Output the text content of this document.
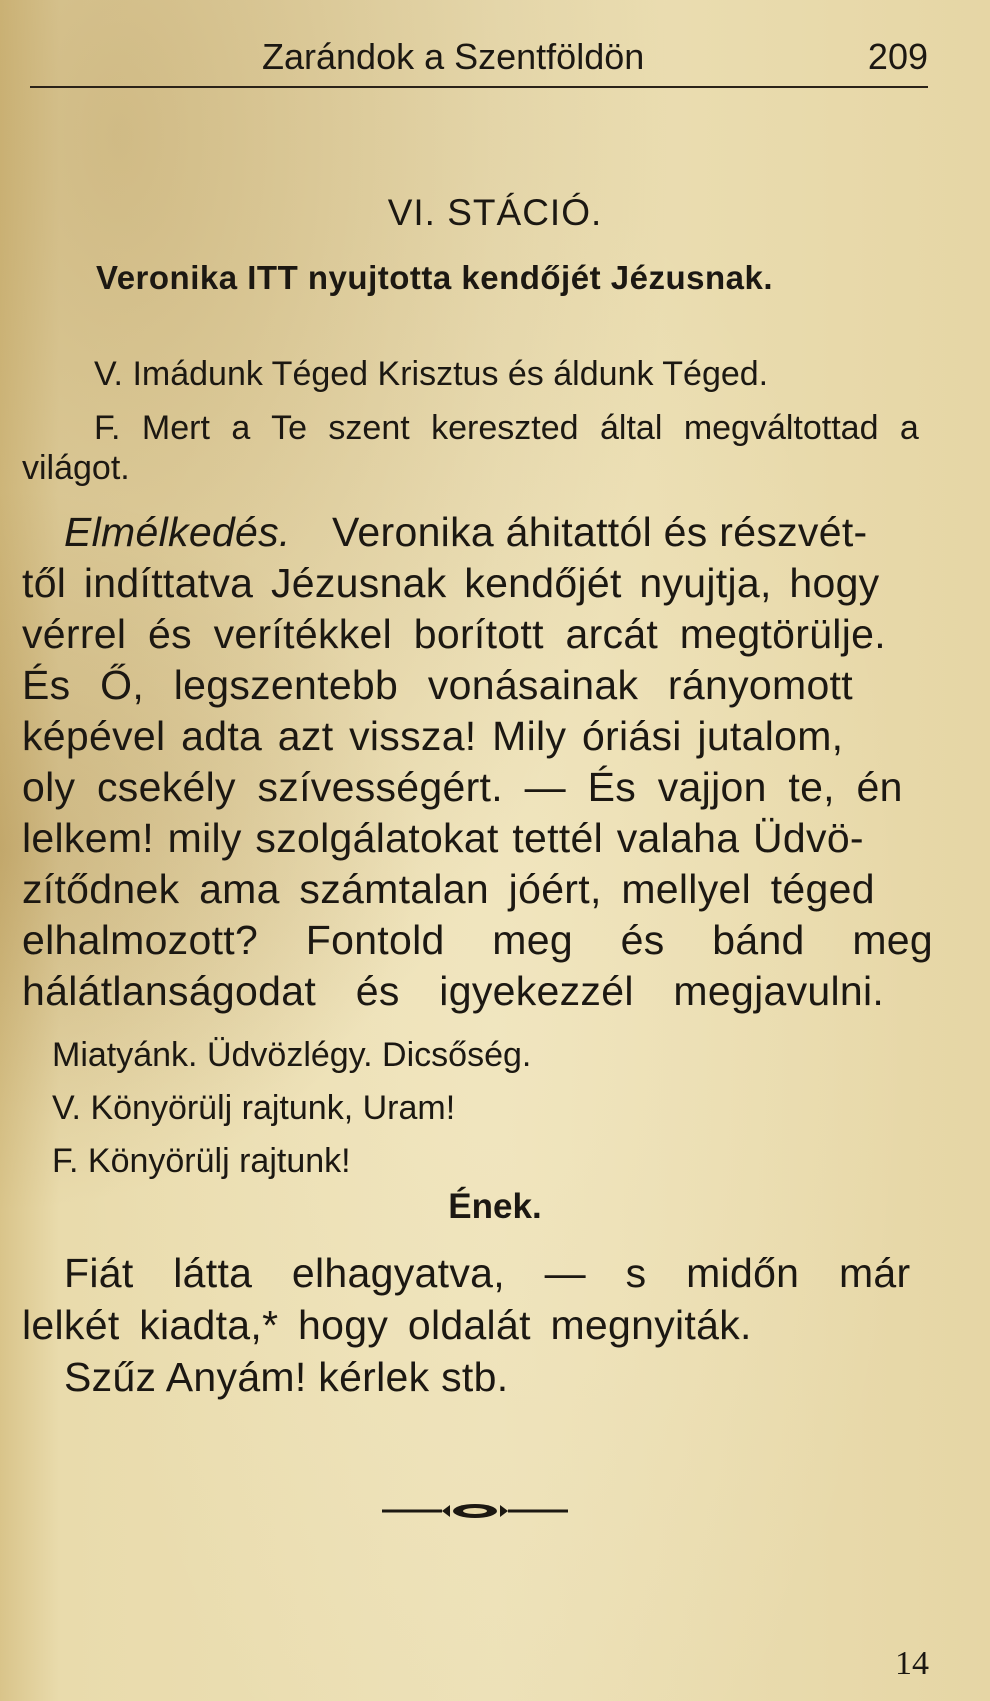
Zarándok a Szentföldön	209
VI. STÁCIÓ.
Veronika ITT nyujtotta kendőjét Jézusnak.
V. Imádunk Téged Krisztus és áldunk Téged.
F. Mert a Te szent kereszted által megváltottad a
világot.
Elmélkedés. Veronika áhitattól és részvét-
től indíttatva Jézusnak kendőjét nyujtja, hogy
vérrel és verítékkel borított arcát megtörülje.
És Ő, legszentebb vonásainak rányomott
képével adta azt vissza! Mily óriási jutalom,
oly csekély szívességért. — És vajjon te, én
lelkem! mily szolgálatokat tettél valaha Üdvö-
zítődnek ama számtalan jóért, mellyel téged
elhalmozott? Fontold meg és bánd meg
hálátlanságodat és igyekezzél megjavulni.
Miatyánk. Üdvözlégy. Dicsőség.
V. Könyörülj rajtunk, Uram!
F. Könyörülj rajtunk!
Ének.
Fiát látta elhagyatva, — s midőn már
lelkét kiadta,* hogy oldalát megnyiták.
Szűz Anyám! kérlek stb.
14
